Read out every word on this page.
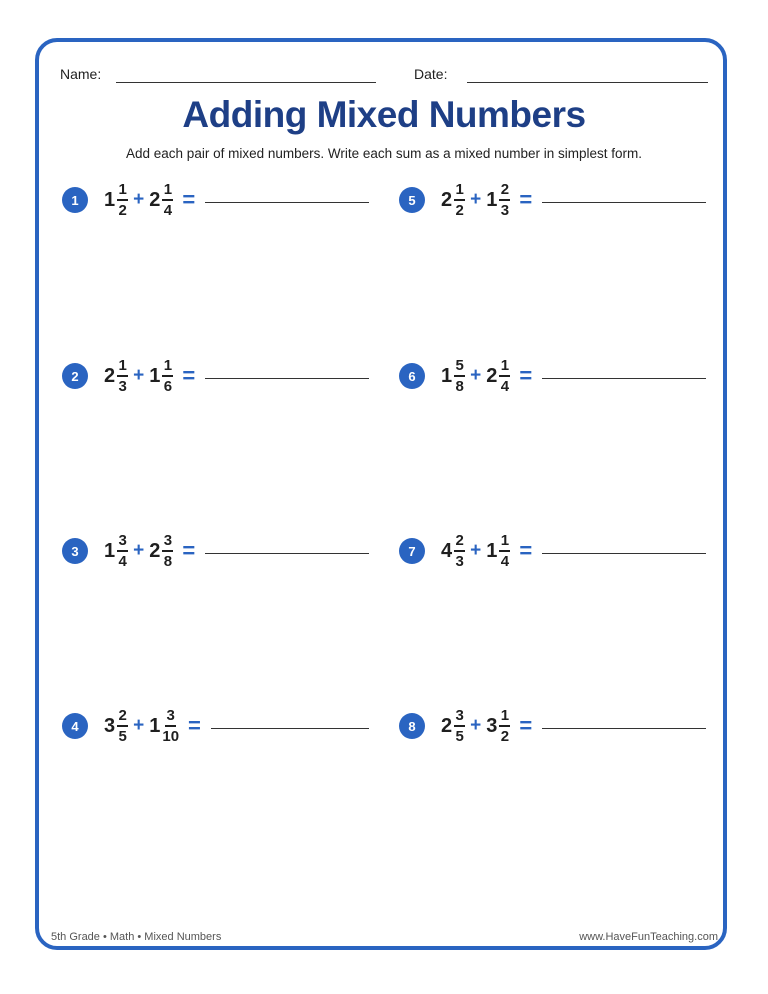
Name:	Date:
Adding Mixed Numbers
Add each pair of mixed numbers. Write each sum as a mixed number in simplest form.
1	$1 \frac{1}{2} + 2 \frac{1}{4}$ =
2	$2 \frac{1}{3} + 1 \frac{1}{6}$ =
3	$1 \frac{3}{4} + 2 \frac{3}{8}$ =
4	$3 \frac{2}{5} + 1 \frac{3}{10}$ =
5	$2 \frac{1}{2} + 1 \frac{2}{3}$ =
6	$1 \frac{5}{8} + 2 \frac{1}{4}$ =
7	$4 \frac{2}{3} + 1 \frac{1}{4}$ =
8	$2 \frac{3}{5} + 3 \frac{1}{2}$ =
5th Grade • Math • Mixed Numbers	www.HaveFunTeaching.com
